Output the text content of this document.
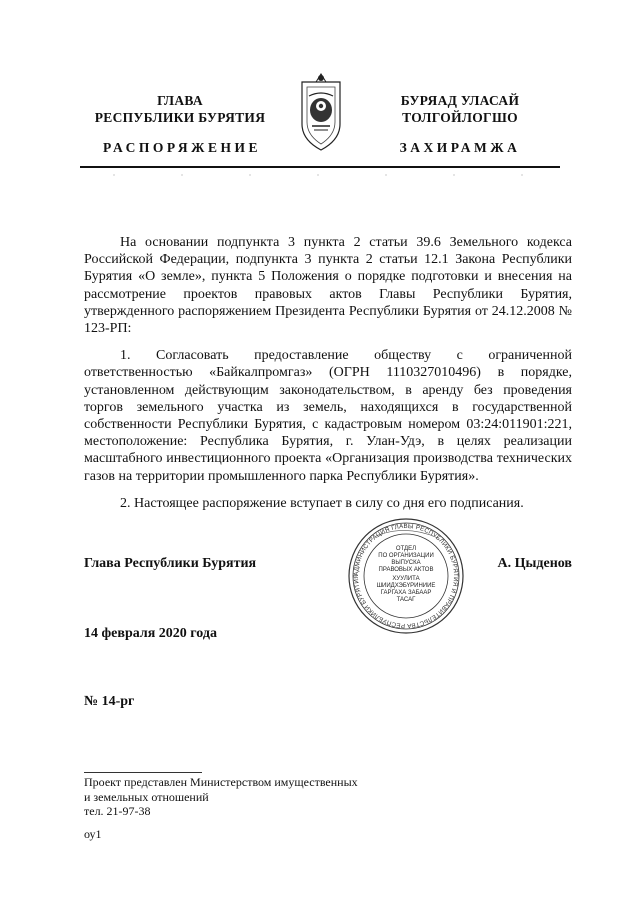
ГЛАВА
РЕСПУБЛИКИ БУРЯТИЯ
РАСПОРЯЖЕНИЕ
БУРЯАД УЛАСАЙ
ТОЛГОЙЛОГШО
ЗАХИРАМЖА

На основании подпункта 3 пункта 2 статьи 39.6 Земельного кодекса Российской Федерации, подпункта 3 пункта 2 статьи 12.1 Закона Республики Бурятия «О земле», пункта 5 Положения о порядке подготовки и внесения на рассмотрение проектов правовых актов Главы Республики Бурятия, утвержденного распоряжением Президента Республики Бурятия от 24.12.2008 № 123-РП:

1. Согласовать предоставление обществу с ограниченной ответственностью «Байкалпромгаз» (ОГРН 1110327010496) в порядке, установленном действующим законодательством, в аренду без проведения торгов земельного участка из земель, находящихся в государственной собственности Республики Бурятия, с кадастровым номером 03:24:011901:221, местоположение: Республика Бурятия, г. Улан-Удэ, в целях реализации масштабного инвестиционного проекта «Организация производства технических газов на территории промышленного парка Республики Бурятия».

2. Настоящее распоряжение вступает в силу со дня его подписания.

Глава Республики Бурятия	А. Цыденов
АДМИНИСТРАЦИЯ ГЛАВЫ РЕСПУБЛИКИ БУРЯТИЯ И ПРАВИТЕЛЬСТВА РЕСПУБЛИКИ БУРЯТИЯ
ОТДЕЛ
ПО ОРГАНИЗАЦИИ
ВЫПУСКА
ПРАВОВЫХ АКТОВ
ХУУЛИТА
ШИИДХЭБҮРИНИИЕ
ГАРГАХА ЗАБААР
ТАСАГ
14 февраля 2020 года
№ 14-рг
Проект представлен Министерством имущественных
и земельных отношений
тел. 21-97-38
оу1
